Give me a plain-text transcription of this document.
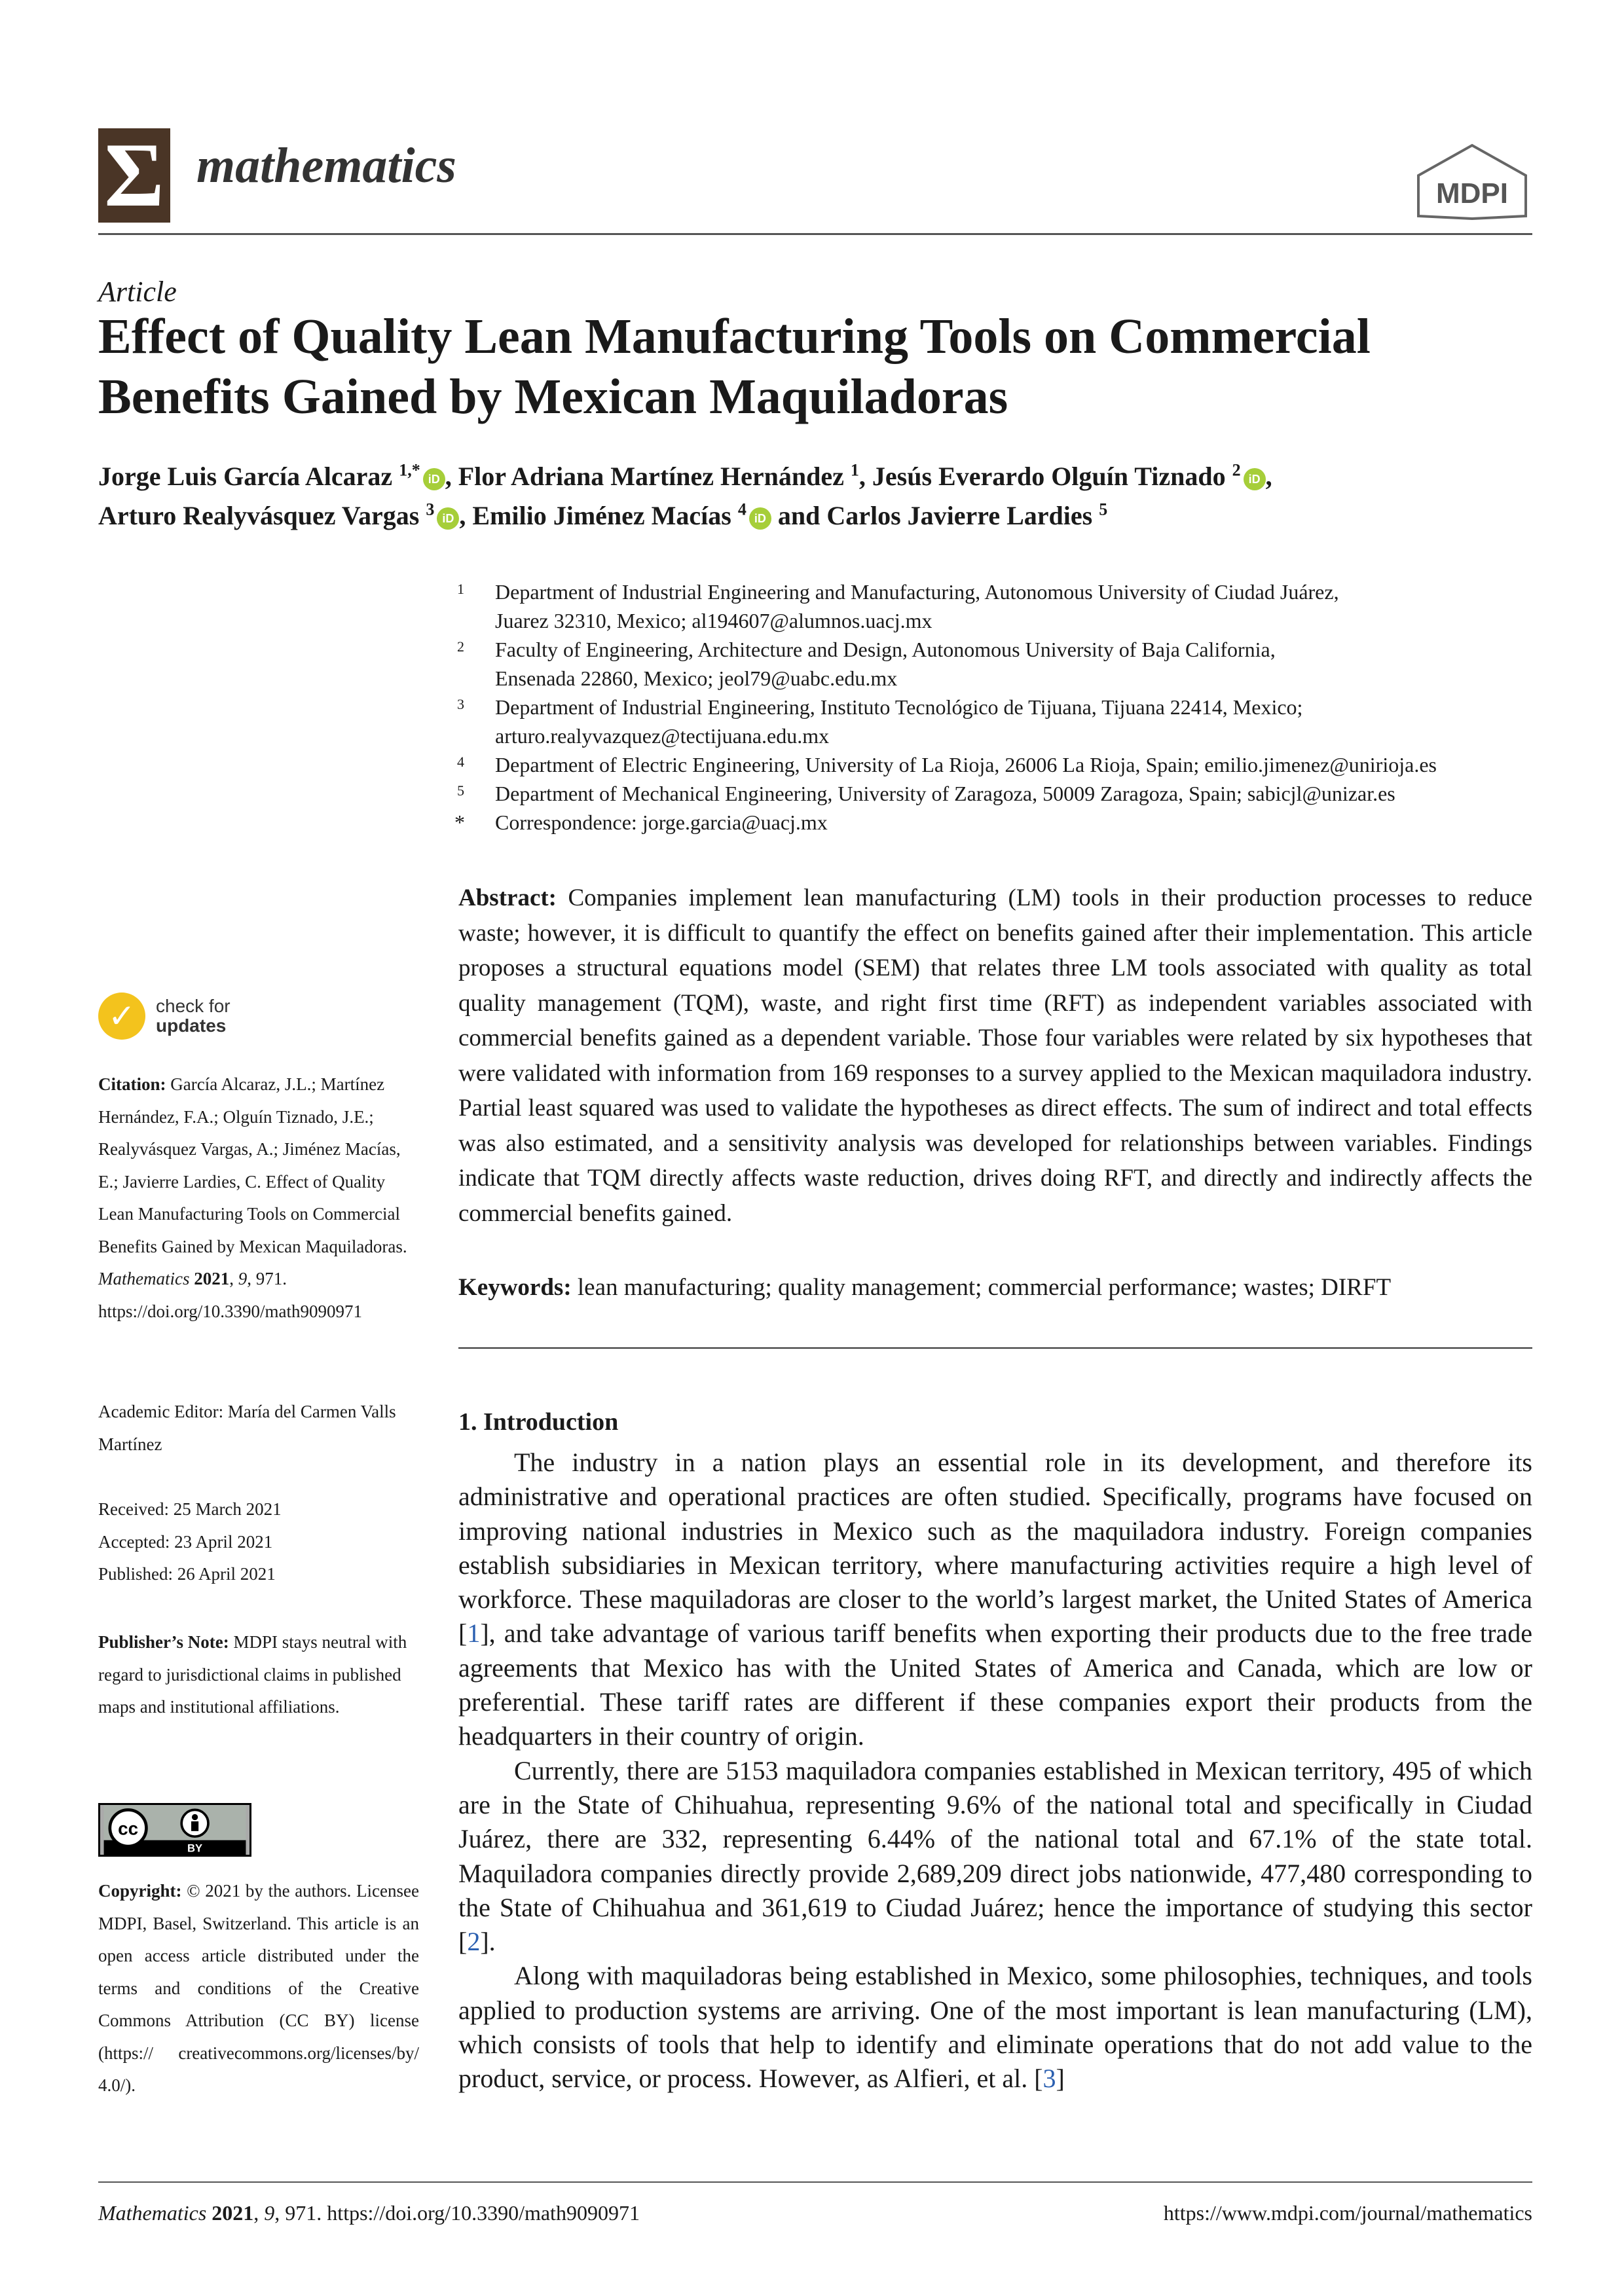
Σ mathematics
MDPI
Article
Effect of Quality Lean Manufacturing Tools on Commercial Benefits Gained by Mexican Maquiladoras
Jorge Luis García Alcaraz $^{1,*}$ iD , Flor Adriana Martínez Hernández $^1$, Jesús Everardo Olguín Tiznado $^2$ iD ,
Arturo Realyvásquez Vargas $^3$ iD , Emilio Jiménez Macías $^4$ iD and Carlos Javierre Lardies $^5$
1 Department of Industrial Engineering and Manufacturing, Autonomous University of Ciudad Juárez,
Juarez 32310, Mexico; al194607@alumnos.uacj.mx
2 Faculty of Engineering, Architecture and Design, Autonomous University of Baja California,
Ensenada 22860, Mexico; jeol79@uabc.edu.mx
3 Department of Industrial Engineering, Instituto Tecnológico de Tijuana, Tijuana 22414, Mexico;
arturo.realyvazquez@tectijuana.edu.mx
4 Department of Electric Engineering, University of La Rioja, 26006 La Rioja, Spain; emilio.jimenez@unirioja.es
5 Department of Mechanical Engineering, University of Zaragoza, 50009 Zaragoza, Spain; sabicjl@unizar.es
* Correspondence: jorge.garcia@uacj.mx
Abstract: Companies implement lean manufacturing (LM) tools in their production processes to reduce waste; however, it is difficult to quantify the effect on benefits gained after their implementation. This article proposes a structural equations model (SEM) that relates three LM tools associated with quality as total quality management (TQM), waste, and right first time (RFT) as independent variables associated with commercial benefits gained as a dependent variable. Those four variables were related by six hypotheses that were validated with information from 169 responses to a survey applied to the Mexican maquiladora industry. Partial least squared was used to validate the hypotheses as direct effects. The sum of indirect and total effects was also estimated, and a sensitivity analysis was developed for relationships between variables. Findings indicate that TQM directly affects waste reduction, drives doing RFT, and directly and indirectly affects the commercial benefits gained.
Keywords: lean manufacturing; quality management; commercial performance; wastes; DIRFT
1. Introduction

The industry in a nation plays an essential role in its development, and therefore its administrative and operational practices are often studied. Specifically, programs have focused on improving national industries in Mexico such as the maquiladora industry. Foreign companies establish subsidiaries in Mexican territory, where manufacturing activities require a high level of workforce. These maquiladoras are closer to the world’s largest market, the United States of America [1], and take advantage of various tariff benefits when exporting their products due to the free trade agreements that Mexico has with the United States of America and Canada, which are low or preferential. These tariff rates are different if these companies export their products from the headquarters in their country of origin.

Currently, there are 5153 maquiladora companies established in Mexican territory, 495 of which are in the State of Chihuahua, representing 9.6% of the national total and specifically in Ciudad Juárez, there are 332, representing 6.44% of the national total and 67.1% of the state total. Maquiladora companies directly provide 2,689,209 direct jobs nationwide, 477,480 corresponding to the State of Chihuahua and 361,619 to Ciudad Juárez; hence the importance of studying this sector [2].

Along with maquiladoras being established in Mexico, some philosophies, techniques, and tools applied to production systems are arriving. One of the most important is lean manufacturing (LM), which consists of tools that help to identify and eliminate operations that do not add value to the product, service, or process. However, as Alfieri, et al. [3]

✓ check for
updates
Citation: García Alcaraz, J.L.; Martínez Hernández, F.A.; Olguín Tiznado, J.E.; Realyvásquez Vargas, A.; Jiménez Macías, E.; Javierre Lardies, C. Effect of Quality Lean Manufacturing Tools on Commercial Benefits Gained by Mexican Maquiladoras. Mathematics 2021, 9, 971. https://doi.org/10.3390/math9090971
Academic Editor: María del Carmen Valls Martínez
Received: 25 March 2021
Accepted: 23 April 2021
Published: 26 April 2021
Publisher’s Note: MDPI stays neutral with regard to jurisdictional claims in published maps and institutional affiliations.
cc
BY
Copyright: © 2021 by the authors. Licensee MDPI, Basel, Switzerland. This article is an open access article distributed under the terms and conditions of the Creative Commons Attribution (CC BY) license (https:// creativecommons.org/licenses/by/ 4.0/).
Mathematics 2021, 9, 971. https://doi.org/10.3390/math9090971	https://www.mdpi.com/journal/mathematics
